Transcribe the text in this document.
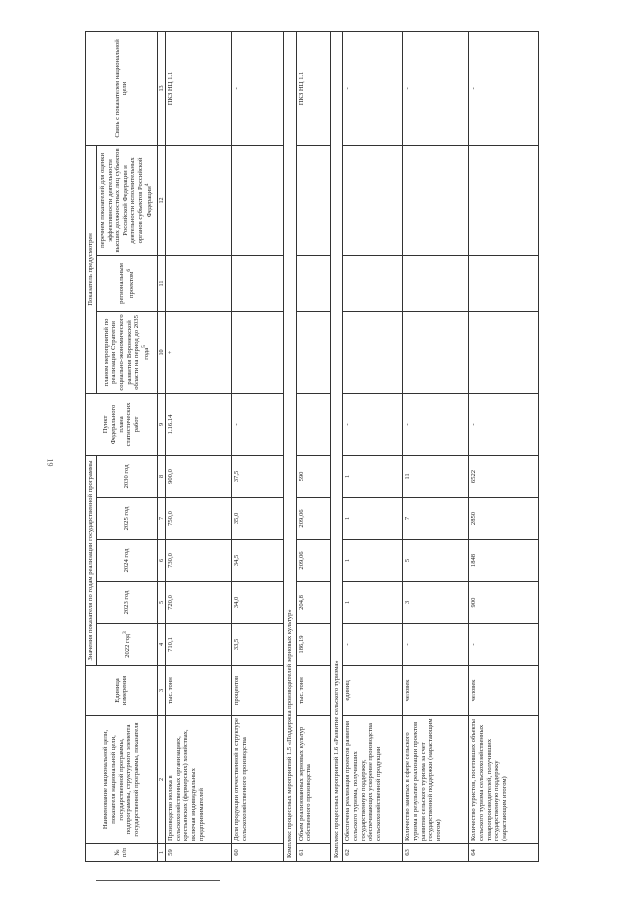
19
№ п/п	Наименование национальной цели, показателя национальной цели, государственной программы, подпрограммы, структурного элемента государственной программы, показателя	Единица измерения	Значения показателя по годам реализации государственной программы					Пункт Федерального плана статистических работ	Показатель предусмотрен			Связь с показателем национальной цели
			2022 год$^3$	2023 год	2024 год	2025 год	2030 год		планом мероприятий по реализации Стратегии социально-экономического развития Воронежской области на период до 2035 года$^5$	региональным проектом$^6$	перечнем показателей для оценки эффективности деятельности высших должностных лиц субъектов Российской Федерации и деятельности исполнительных органов субъектов Российской Федерации$^4$
1	2	3	4	5	6	7	8	9	10	11	12	13
59	Производство молока в сельскохозяйственных организациях, крестьянских (фермерских) хозяйствах, включая индивидуальных предпринимателей	тыс. тонн	710,1	720,0	730,0	750,0	900,0	1.16.14	+			ПКЗ НЦ 1.1
60	Доля продукции отечественной в структуре сельскохозяйственного производства	процентов	33,5	34,0	34,5	35,0	37,5	-				-
Комплекс процессных мероприятий 1.5 «Поддержка производителей зерновых культур»												
61	Объем реализованных зерновых культур собственного производства	тыс. тонн	186,19	204,8	209,06	209,06	590					ПКЗ НЦ 1.1
Комплекс процессных мероприятий 1.6 «Развитие сельского туризма»												
62	Обеспечена реализация проектов развития сельского туризма, получивших государственную поддержку, обеспечивающих ускорение производства сельскохозяйственной продукции	единиц	-	1	1	1	1	-				-
63	Количество занятых в сфере сельского туризма в результате реализации проектов развития сельского туризма за счет государственной поддержки (нарастающим итогом)	человек	-	3	5	7	11	-				-
64	Количество туристов, посетивших объекты сельского туризма сельскохозяйственных товаропроизводителей, получивших государственную поддержку (нарастающим итогом)	человек	-	900	1848	2850	6522	-				-
